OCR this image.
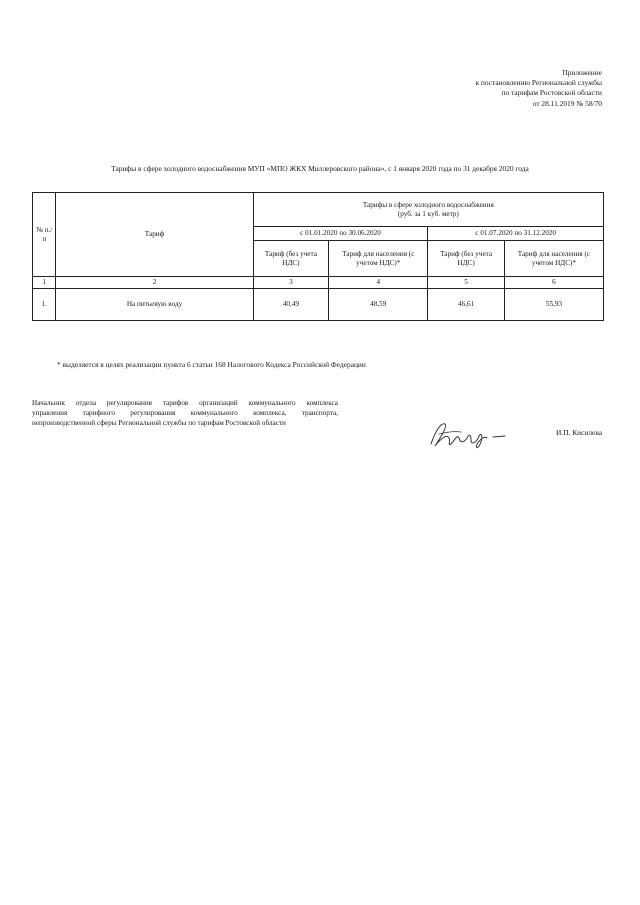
Приложение
к постановлению Региональной службы
по тарифам Ростовской области
от 28.11.2019 № 58/70
Тарифы в сфере холодного водоснабжения МУП «МПО ЖКХ Миллеровского района», с 1 января 2020 года по 31 декабря 2020 года
№ п./п	Тариф	Тарифы в сфере холодного водоснабжения
(руб. за 1 куб. метр)			

		с 01.01.2020 по 30.06.2020		с 01.07.2020 по 31.12.2020	
		Тариф (без учета НДС)	Тариф для населения (с учетом НДС)*	Тариф (без учета НДС)	Тариф для населения (с учетом НДС)*
1	2	3	4	5	6
1.	На питьевую воду	40,49	48,59	46,61	55,93
* выделяется в целях реализации пункта 6 статьи 168 Налогового Кодекса Российской Федерации
Начальник отдела регулирования тарифов организаций коммунального комплекса
управления тарифного регулирования коммунального комплекса, транспорта,
непроизводственной сферы Региональной службы по тарифам Ростовской области
И.П. Кисилева
